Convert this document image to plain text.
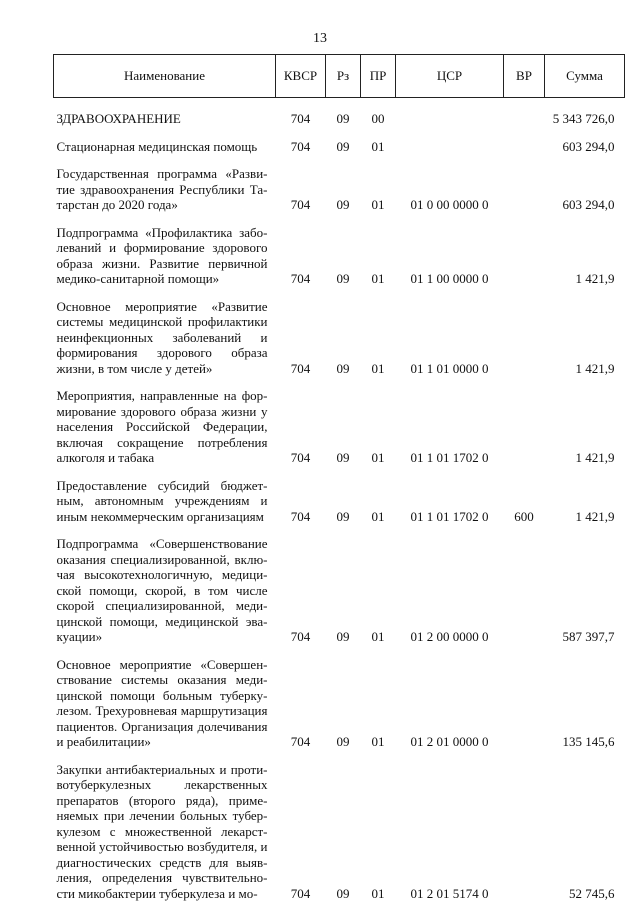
13
Наименование	КВСР	Рз	ПР	ЦСР	ВР	Сумма
ЗДРАВООХРАНЕНИЕ	704	09	00			5 343 726,0
Стационарная медицинская помощь	704	09	01			603 294,0
Государственная программа «Развитие здравоохранения Республики Татарстан до 2020 года»	704	09	01	01 0 00 0000 0		603 294,0
Подпрограмма «Профилактика заболеваний и формирование здорового образа жизни. Развитие первичной медико-санитарной помощи»	704	09	01	01 1 00 0000 0		1 421,9
Основное мероприятие «Развитие системы медицинской профилактики неинфекционных заболеваний и формирования здорового образа жизни, в том числе у детей»	704	09	01	01 1 01 0000 0		1 421,9
Мероприятия, направленные на формирование здорового образа жизни у населения Российской Федерации, включая сокращение потребления алкоголя и табака	704	09	01	01 1 01 1702 0		1 421,9
Предоставление субсидий бюджетным, автономным учреждениям и иным некоммерческим организациям	704	09	01	01 1 01 1702 0	600	1 421,9
Подпрограмма «Совершенствование оказания специализированной, включая высокотехнологичную, медициской помощи, скорой, в том числе скорой специализированной, медицинской помощи, медицинской эвакуации»	704	09	01	01 2 00 0000 0		587 397,7
Основное мероприятие «Совершенствование системы оказания медицинской помощи больным туберкулезом. Трехуровневая маршрутизация пациентов. Организация долечивания и реабилитации»	704	09	01	01 2 01 0000 0		135 145,6
Закупки антибактериальных и противотуберкулезных лекарственных препаратов (второго ряда), применяемых при лечении больных туберкулезом с множественной лекарственной устойчивостью возбудителя, и диагностических средств для выявления, определения чувствительности микобактерии туберкулеза и мо-	704	09	01	01 2 01 5174 0		52 745,6
